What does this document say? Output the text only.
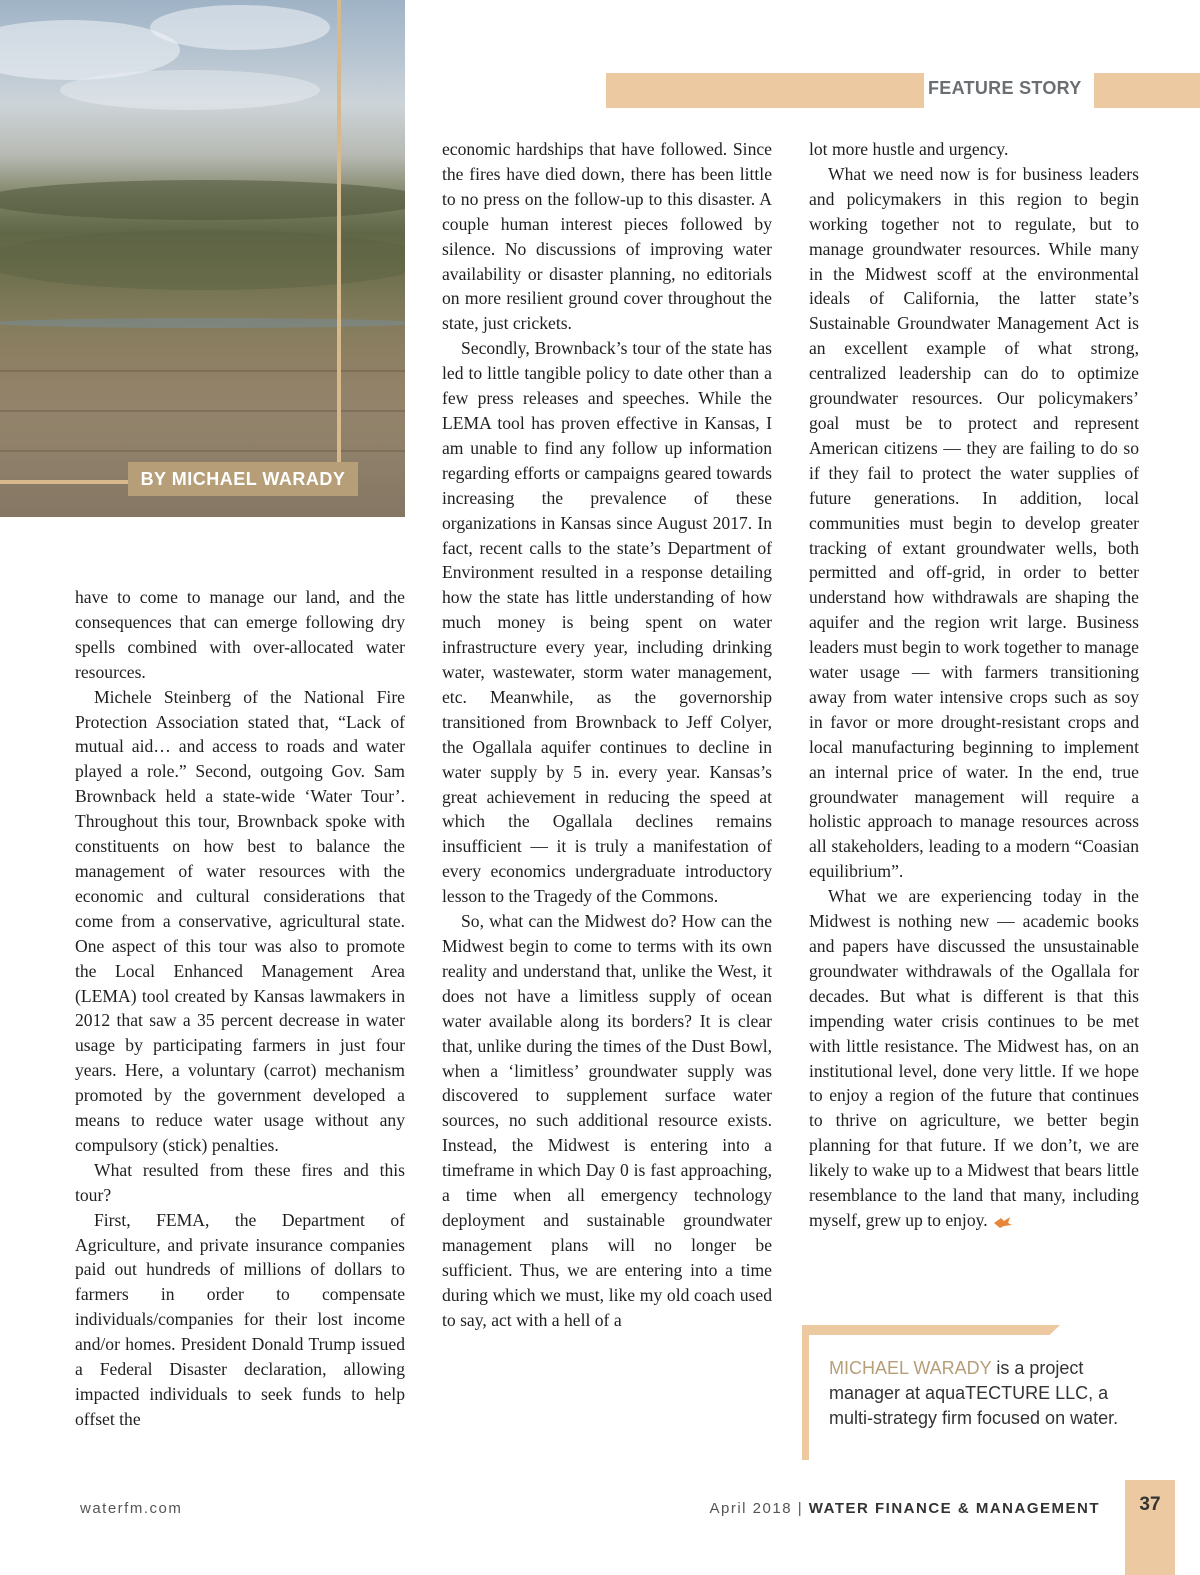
BY MICHAEL WARADY
FEATURE STORY

have to come to manage our land, and the consequences that can emerge following dry spells combined with over-allocated water resources.

Michele Steinberg of the National Fire Protection Association stated that, “Lack of mutual aid… and access to roads and water played a role.” Second, outgoing Gov. Sam Brownback held a state-wide ‘Water Tour’. Throughout this tour, Brownback spoke with constituents on how best to balance the management of water resources with the economic and cultural considerations that come from a conservative, agricultural state. One aspect of this tour was also to promote the Local Enhanced Management Area (LEMA) tool created by Kansas lawmakers in 2012 that saw a 35 percent decrease in water usage by participating farmers in just four years. Here, a voluntary (carrot) mechanism promoted by the government developed a means to reduce water usage without any compulsory (stick) penalties.

What resulted from these fires and this tour?

First, FEMA, the Department of Agriculture, and private insurance companies paid out hundreds of millions of dollars to farmers in order to compensate individuals/companies for their lost income and/or homes. President Donald Trump issued a Federal Disaster declaration, allowing impacted individuals to seek funds to help offset the

economic hardships that have followed. Since the fires have died down, there has been little to no press on the follow-up to this disaster. A couple human interest pieces followed by silence. No discussions of improving water availability or disaster planning, no editorials on more resilient ground cover throughout the state, just crickets.

Secondly, Brownback’s tour of the state has led to little tangible policy to date other than a few press releases and speeches. While the LEMA tool has proven effective in Kansas, I am unable to find any follow up information regarding efforts or campaigns geared towards increasing the prevalence of these organizations in Kansas since August 2017. In fact, recent calls to the state’s Department of Environment resulted in a response detailing how the state has little understanding of how much money is being spent on water infrastructure every year, including drinking water, wastewater, storm water management, etc. Meanwhile, as the governorship transitioned from Brownback to Jeff Colyer, the Ogallala aquifer continues to decline in water supply by 5 in. every year. Kansas’s great achievement in reducing the speed at which the Ogallala declines remains insufficient — it is truly a manifestation of every economics undergraduate introductory lesson to the Tragedy of the Commons.

So, what can the Midwest do? How can the Midwest begin to come to terms with its own reality and understand that, unlike the West, it does not have a limitless supply of ocean water available along its borders? It is clear that, unlike during the times of the Dust Bowl, when a ‘limitless’ groundwater supply was discovered to supplement surface water sources, no such additional resource exists. Instead, the Midwest is entering into a timeframe in which Day 0 is fast approaching, a time when all emergency technology deployment and sustainable groundwater management plans will no longer be sufficient. Thus, we are entering into a time during which we must, like my old coach used to say, act with a hell of a

lot more hustle and urgency.

What we need now is for business leaders and policymakers in this region to begin working together not to regulate, but to manage groundwater resources. While many in the Midwest scoff at the environmental ideals of California, the latter state’s Sustainable Groundwater Management Act is an excellent example of what strong, centralized leadership can do to optimize groundwater resources. Our policymakers’ goal must be to protect and represent American citizens — they are failing to do so if they fail to protect the water supplies of future generations. In addition, local communities must begin to develop greater tracking of extant groundwater wells, both permitted and off-grid, in order to better understand how withdrawals are shaping the aquifer and the region writ large. Business leaders must begin to work together to manage water usage — with farmers transitioning away from water intensive crops such as soy in favor or more drought-resistant crops and local manufacturing beginning to implement an internal price of water. In the end, true groundwater management will require a holistic approach to manage resources across all stakeholders, leading to a modern “Coasian equilibrium”.

What we are experiencing today in the Midwest is nothing new — academic books and papers have discussed the unsustainable groundwater withdrawals of the Ogallala for decades. But what is different is that this impending water crisis continues to be met with little resistance. The Midwest has, on an institutional level, done very little. If we hope to enjoy a region of the future that continues to thrive on agriculture, we better begin planning for that future. If we don’t, we are likely to wake up to a Midwest that bears little resemblance to the land that many, including myself, grew up to enjoy.

MICHAEL WARADY is a project manager at aquaTECTURE LLC, a multi-strategy firm focused on water.
waterfm.com	April 2018 | WATER FINANCE & MANAGEMENT	37
